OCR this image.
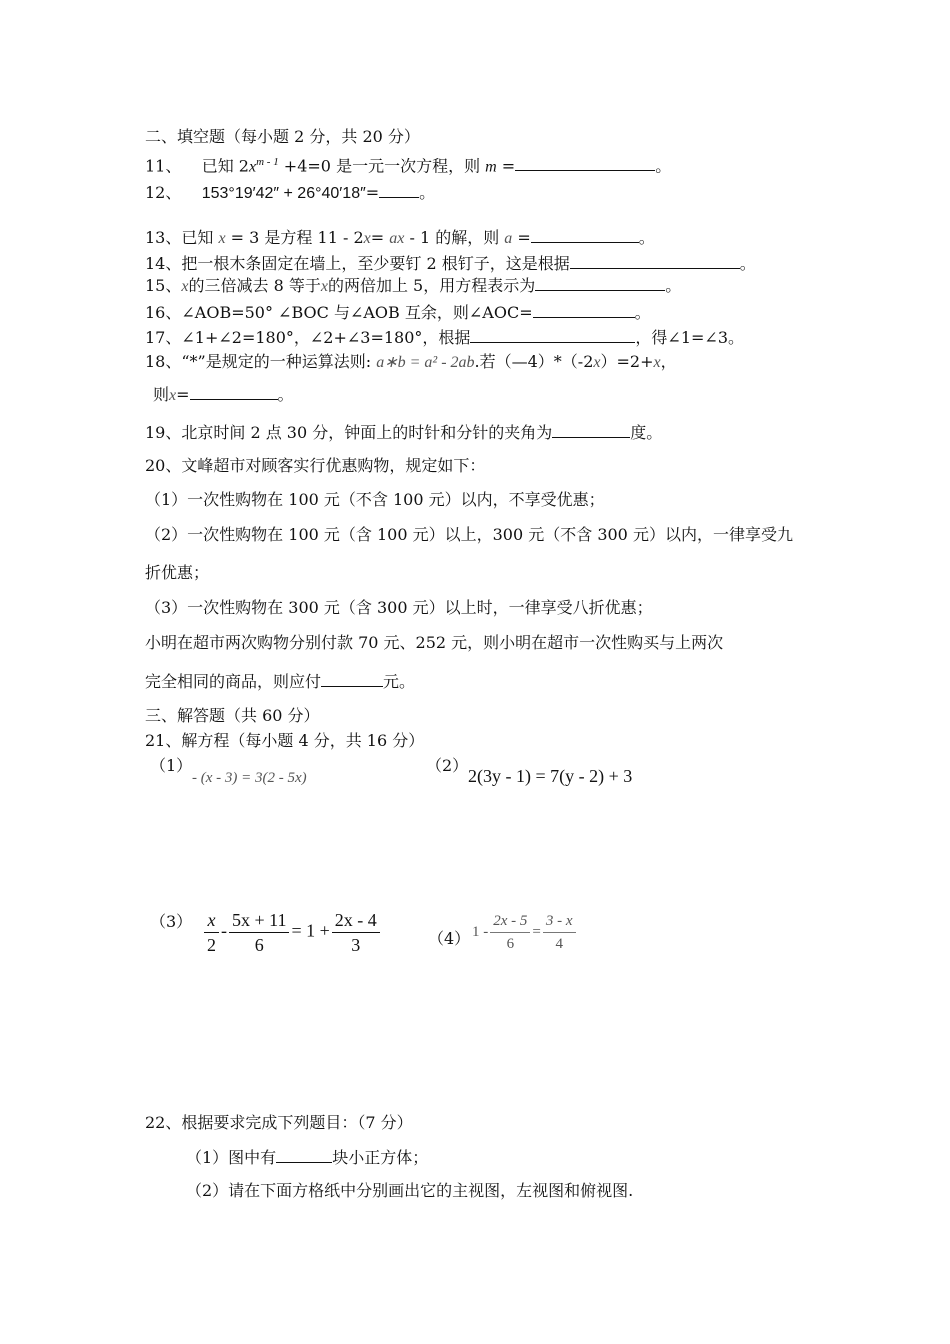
二、填空题（每小题 2 分，共 20 分）
11、 已知 $2x^{m - 1} +4=0$ 是一元一次方程，则 m =	。
12、 153°19′42″ + 26°40′18″=	。
13、已知 x = 3 是方程 11 - 2x= ax - 1 的解，则 a =	。
14、把一根木条固定在墙上，至少要钉 2 根钉子，这是根据	。
15、x的三倍减去 8 等于x的两倍加上 5，用方程表示为	。
16、∠AOB=50° ∠BOC 与∠AOB 互余，则∠AOC=	。
17、∠1+∠2=180°，∠2+∠3=180°，根据	，得∠1=∠3。
18、“*”是规定的一种运算法则: a∗b = a² - 2ab.若（—4）*（-2x）=2+x，
则x=	。
19、北京时间 2 点 30 分，钟面上的时针和分针的夹角为	度。
20、文峰超市对顾客实行优惠购物，规定如下：
（1）一次性购物在 100 元（不含 100 元）以内，不享受优惠；
（2）一次性购物在 100 元（含 100 元）以上，300 元（不含 300 元）以内，一律享受九
折优惠；
（3）一次性购物在 300 元（含 300 元）以上时，一律享受八折优惠；
小明在超市两次购物分别付款 70 元、252 元，则小明在超市一次性购买与上两次
完全相同的商品，则应付	元。
三、解答题（共 60 分）
21、解方程（每小题 4 分，共 16 分）
（1）
- (x - 3) = 3(2 - 5x)
（2）
2(3y - 1) = 7(y - 2) + 3
$(3) \frac{x}{2} - \frac{5x + 11}{6} = 1 + \frac{2x - 4}{3}$	（4） $1 - \frac{2x - 5}{6} = \frac{3 - x}{4}$
22、根据要求完成下列题目：（7 分）
（1）图中有	块小正方体；
（2）请在下面方格纸中分别画出它的主视图，左视图和俯视图.
